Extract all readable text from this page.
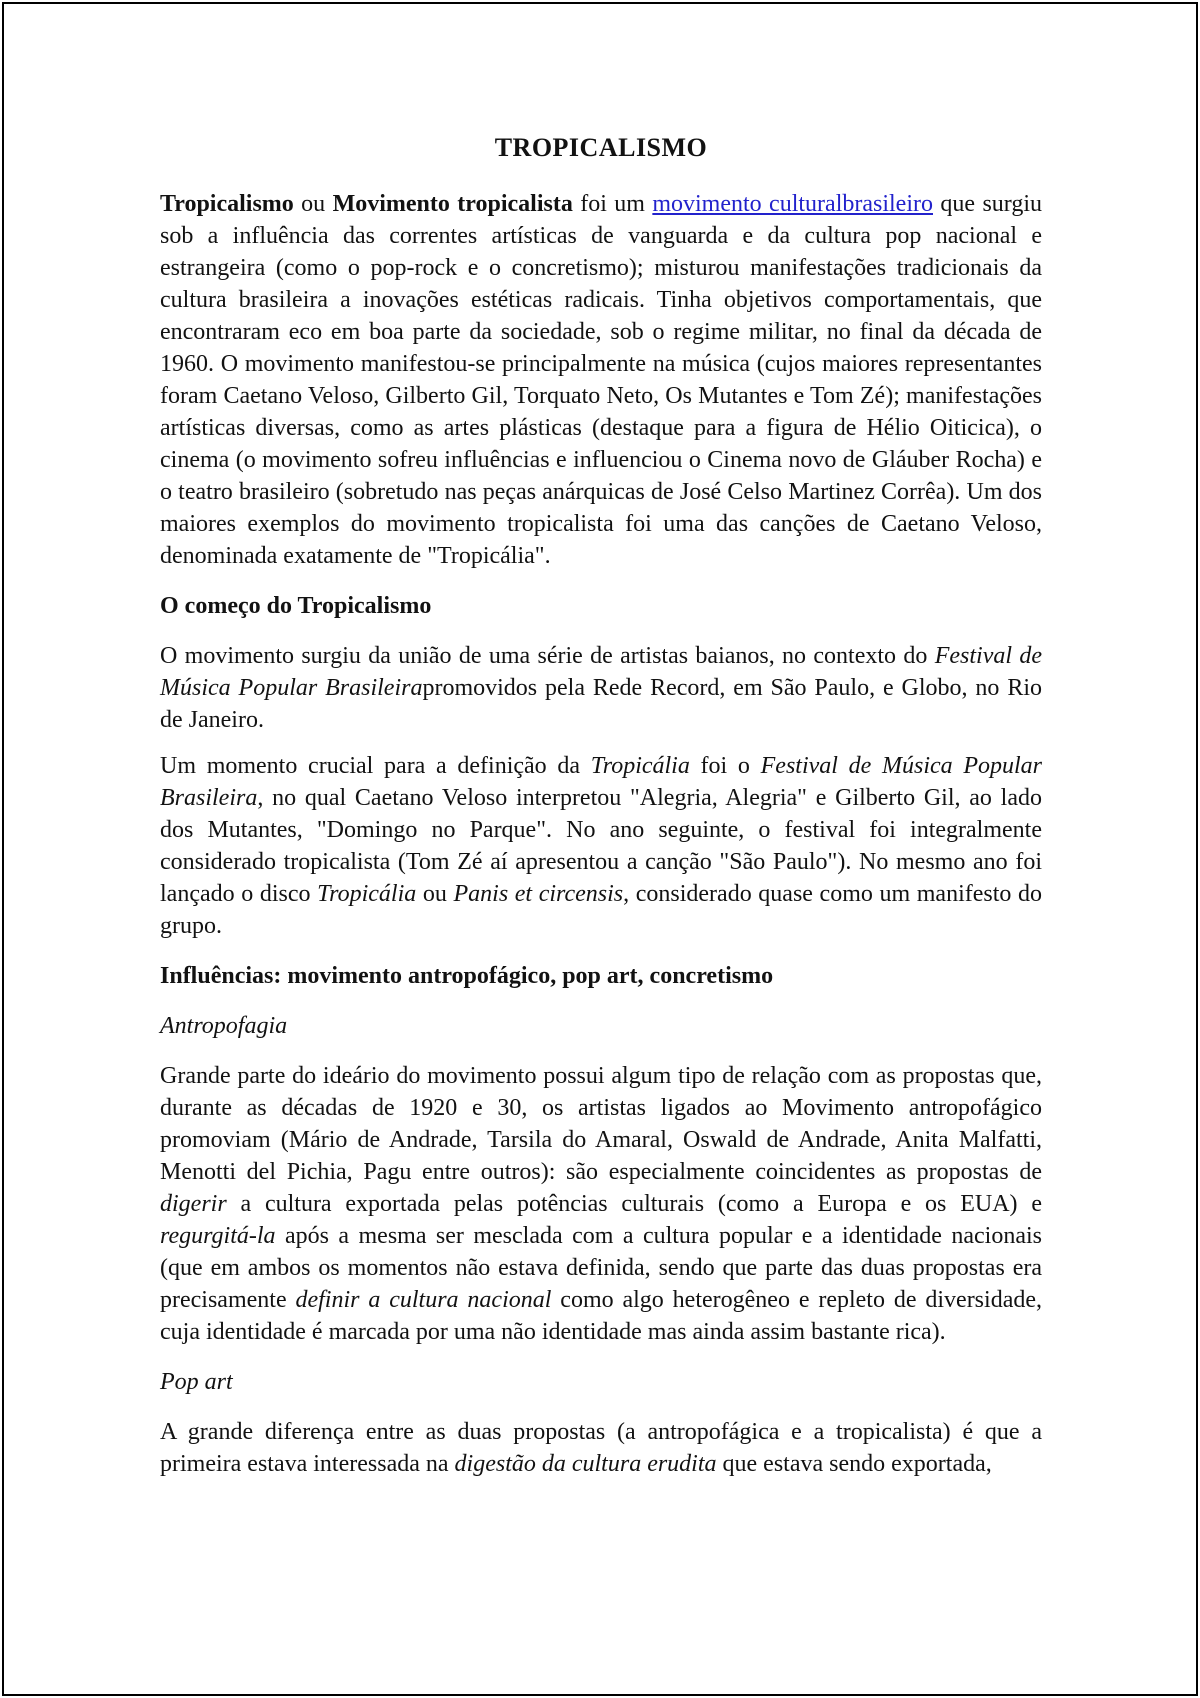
TROPICALISMO

Tropicalismo ou Movimento tropicalista foi um movimento culturalbrasileiro que surgiu sob a influência das correntes artísticas de vanguarda e da cultura pop nacional e estrangeira (como o pop-rock e o concretismo); misturou manifestações tradicionais da cultura brasileira a inovações estéticas radicais. Tinha objetivos comportamentais, que encontraram eco em boa parte da sociedade, sob o regime militar, no final da década de 1960. O movimento manifestou-se principalmente na música (cujos maiores representantes foram Caetano Veloso, Gilberto Gil, Torquato Neto, Os Mutantes e Tom Zé); manifestações artísticas diversas, como as artes plásticas (destaque para a figura de Hélio Oiticica), o cinema (o movimento sofreu influências e influenciou o Cinema novo de Gláuber Rocha) e o teatro brasileiro (sobretudo nas peças anárquicas de José Celso Martinez Corrêa). Um dos maiores exemplos do movimento tropicalista foi uma das canções de Caetano Veloso, denominada exatamente de "Tropicália".

O começo do Tropicalismo

O movimento surgiu da união de uma série de artistas baianos, no contexto do Festival de Música Popular Brasileirapromovidos pela Rede Record, em São Paulo, e Globo, no Rio de Janeiro.

Um momento crucial para a definição da Tropicália foi o Festival de Música Popular Brasileira, no qual Caetano Veloso interpretou "Alegria, Alegria" e Gilberto Gil, ao lado dos Mutantes, "Domingo no Parque". No ano seguinte, o festival foi integralmente considerado tropicalista (Tom Zé aí apresentou a canção "São Paulo"). No mesmo ano foi lançado o disco Tropicália ou Panis et circensis, considerado quase como um manifesto do grupo.

Influências: movimento antropofágico, pop art, concretismo
Antropofagia

Grande parte do ideário do movimento possui algum tipo de relação com as propostas que, durante as décadas de 1920 e 30, os artistas ligados ao Movimento antropofágico promoviam (Mário de Andrade, Tarsila do Amaral, Oswald de Andrade, Anita Malfatti, Menotti del Pichia, Pagu entre outros): são especialmente coincidentes as propostas de digerir a cultura exportada pelas potências culturais (como a Europa e os EUA) e regurgitá-la após a mesma ser mesclada com a cultura popular e a identidade nacionais (que em ambos os momentos não estava definida, sendo que parte das duas propostas era precisamente definir a cultura nacional como algo heterogêneo e repleto de diversidade, cuja identidade é marcada por uma não identidade mas ainda assim bastante rica).

Pop art

A grande diferença entre as duas propostas (a antropofágica e a tropicalista) é que a primeira estava interessada na digestão da cultura erudita que estava sendo exportada,
